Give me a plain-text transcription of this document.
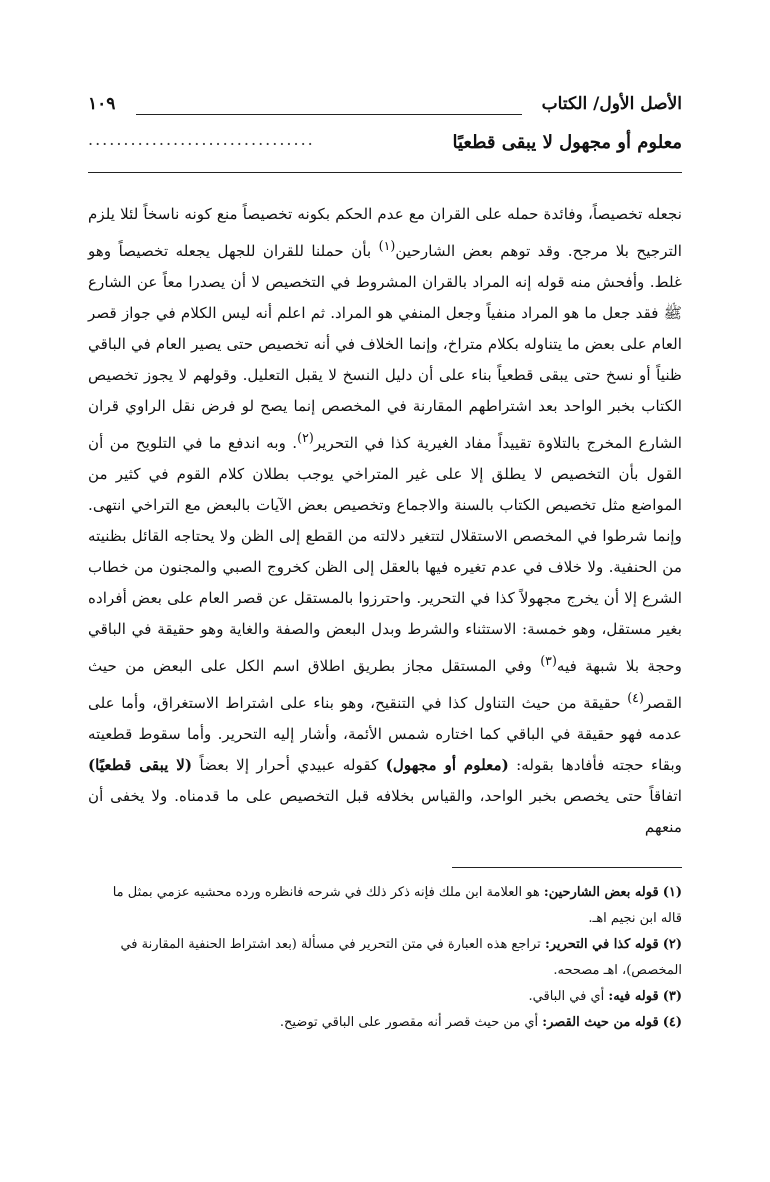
الأصل الأول/ الكتاب
١٠٩
معلوم أو مجهول لا يبقى قطعيًا
................................

نجعله تخصيصاً، وفائدة حمله على القران مع عدم الحكم بكونه تخصيصاً منع كونه ناسخاً لئلا يلزم الترجيح بلا مرجح. وقد توهم بعض الشارحين$^{(١)}$ بأن حملنا للقران للجهل يجعله تخصيصاً وهو غلط. وأفحش منه قوله إنه المراد بالقران المشروط في التخصيص لا أن يصدرا معاً عن الشارع ﷺ فقد جعل ما هو المراد منفياً وجعل المنفي هو المراد. ثم اعلم أنه ليس الكلام في جواز قصر العام على بعض ما يتناوله بكلام متراخ، وإنما الخلاف في أنه تخصيص حتى يصير العام في الباقي ظنياً أو نسخ حتى يبقى قطعياً بناء على أن دليل النسخ لا يقبل التعليل. وقولهم لا يجوز تخصيص الكتاب بخبر الواحد بعد اشتراطهم المقارنة في المخصص إنما يصح لو فرض نقل الراوي قران الشارع المخرج بالتلاوة تقييداً مفاد الغيرية كذا في التحرير$^{(٢)}$. وبه اندفع ما في التلويح من أن القول بأن التخصيص لا يطلق إلا على غير المتراخي يوجب بطلان كلام القوم في كثير من المواضع مثل تخصيص الكتاب بالسنة والاجماع وتخصيص بعض الآيات بالبعض مع التراخي انتهى. وإنما شرطوا في المخصص الاستقلال لتتغير دلالته من القطع إلى الظن ولا يحتاجه القائل بظنيته من الحنفية. ولا خلاف في عدم تغيره فيها بالعقل إلى الظن كخروج الصبي والمجنون من خطاب الشرع إلا أن يخرج مجهولاً كذا في التحرير. واحترزوا بالمستقل عن قصر العام على بعض أفراده بغير مستقل، وهو خمسة: الاستثناء والشرط وبدل البعض والصفة والغاية وهو حقيقة في الباقي وحجة بلا شبهة فيه$^{(٣)}$ وفي المستقل مجاز بطريق اطلاق اسم الكل على البعض من حيث القصر$^{(٤)}$ حقيقة من حيث التناول كذا في التنقيح، وهو بناء على اشتراط الاستغراق، وأما على عدمه فهو حقيقة في الباقي كما اختاره شمس الأئمة، وأشار إليه التحرير. وأما سقوط قطعيته وبقاء حجته فأفادها بقوله: (معلوم أو مجهول) كقوله عبيدي أحرار إلا بعضاً (لا يبقى قطعيًا) اتفاقاً حتى يخصص بخبر الواحد، والقياس بخلافه قبل التخصيص على ما قدمناه. ولا يخفى أن منعهم

(١)قوله بعض الشارحين: هو العلامة ابن ملك فإنه ذكر ذلك في شرحه فانظره ورده محشيه عزمي بمثل ما قاله ابن نجيم اهـ.
(٢)قوله كذا في التحرير: تراجع هذه العبارة في متن التحرير في مسألة (بعد اشتراط الحنفية المقارنة في المخصص)، اهـ مصححه.
(٣)قوله فيه: أي في الباقي.
(٤)قوله من حيث القصر: أي من حيث قصر أنه مقصور على الباقي توضيح.
